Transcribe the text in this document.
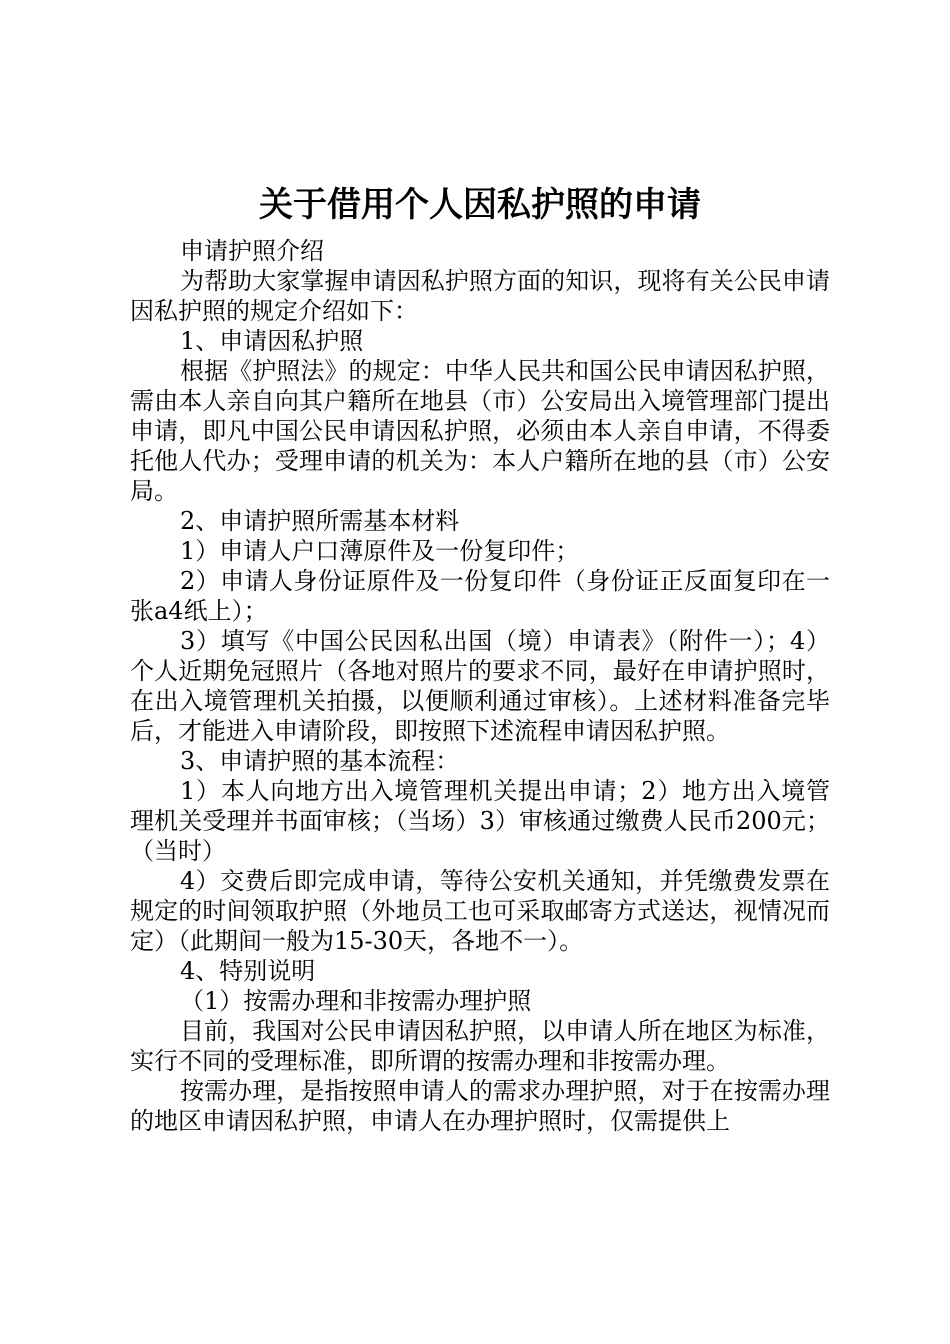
关于借用个人因私护照的申请

申请护照介绍

为帮助大家掌握申请因私护照方面的知识，现将有关公民申请因私护照的规定介绍如下：

1、申请因私护照

根据《护照法》的规定：中华人民共和国公民申请因私护照，需由本人亲自向其户籍所在地县（市）公安局出入境管理部门提出申请，即凡中国公民申请因私护照，必须由本人亲自申请，不得委托他人代办；受理申请的机关为：本人户籍所在地的县（市）公安局。

2、申请护照所需基本材料

1）申请人户口薄原件及一份复印件；

2）申请人身份证原件及一份复印件（身份证正反面复印在一张a4纸上）；

3）填写《中国公民因私出国（境）申请表》（附件一）；4）个人近期免冠照片（各地对照片的要求不同，最好在申请护照时，在出入境管理机关拍摄，以便顺利通过审核）。上述材料准备完毕后，才能进入申请阶段，即按照下述流程申请因私护照。

3、申请护照的基本流程：

1）本人向地方出入境管理机关提出申请；2）地方出入境管理机关受理并书面审核；（当场）3）审核通过缴费人民币200元；（当时）

4）交费后即完成申请，等待公安机关通知，并凭缴费发票在规定的时间领取护照（外地员工也可采取邮寄方式送达，视情况而定）（此期间一般为15-30天，各地不一）。

4、特别说明

（1）按需办理和非按需办理护照

目前，我国对公民申请因私护照，以申请人所在地区为标准，实行不同的受理标准，即所谓的按需办理和非按需办理。

按需办理，是指按照申请人的需求办理护照，对于在按需办理的地区申请因私护照，申请人在办理护照时，仅需提供上
